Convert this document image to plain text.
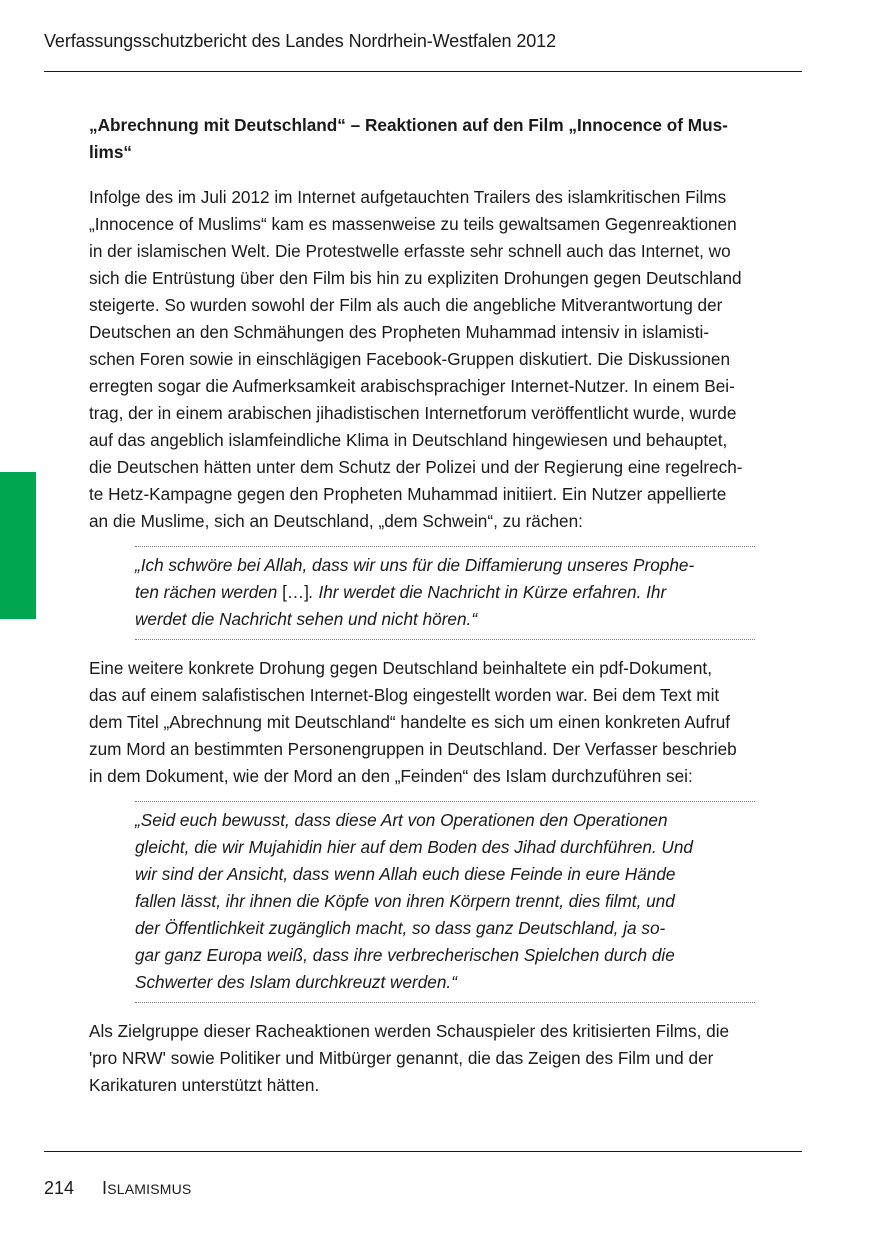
Verfassungsschutzbericht des Landes Nordrhein-Westfalen 2012
„Abrechnung mit Deutschland“ – Reaktionen auf den Film „Innocence of Mus-
lims“
Infolge des im Juli 2012 im Internet aufgetauchten Trailers des islamkritischen Films
„Innocence of Muslims“ kam es massenweise zu teils gewaltsamen Gegenreaktionen
in der islamischen Welt. Die Protestwelle erfasste sehr schnell auch das Internet, wo
sich die Entrüstung über den Film bis hin zu expliziten Drohungen gegen Deutschland
steigerte. So wurden sowohl der Film als auch die angebliche Mitverantwortung der
Deutschen an den Schmähungen des Propheten Muhammad intensiv in islamisti-
schen Foren sowie in einschlägigen Facebook-Gruppen diskutiert. Die Diskussionen
erregten sogar die Aufmerksamkeit arabischsprachiger Internet-Nutzer. In einem Bei-
trag, der in einem arabischen jihadistischen Internetforum veröffentlicht wurde, wurde
auf das angeblich islamfeindliche Klima in Deutschland hingewiesen und behauptet,
die Deutschen hätten unter dem Schutz der Polizei und der Regierung eine regelrech-
te Hetz-Kampagne gegen den Propheten Muhammad initiiert. Ein Nutzer appellierte
an die Muslime, sich an Deutschland, „dem Schwein“, zu rächen:
„Ich schwöre bei Allah, dass wir uns für die Diffamierung unseres Prophe-
ten rächen werden […]. Ihr werdet die Nachricht in Kürze erfahren. Ihr
werdet die Nachricht sehen und nicht hören.“
Eine weitere konkrete Drohung gegen Deutschland beinhaltete ein pdf-Dokument,
das auf einem salafistischen Internet-Blog eingestellt worden war. Bei dem Text mit
dem Titel „Abrechnung mit Deutschland“ handelte es sich um einen konkreten Aufruf
zum Mord an bestimmten Personengruppen in Deutschland. Der Verfasser beschrieb
in dem Dokument, wie der Mord an den „Feinden“ des Islam durchzuführen sei:
„Seid euch bewusst, dass diese Art von Operationen den Operationen
gleicht, die wir Mujahidin hier auf dem Boden des Jihad durchführen. Und
wir sind der Ansicht, dass wenn Allah euch diese Feinde in eure Hände
fallen lässt, ihr ihnen die Köpfe von ihren Körpern trennt, dies filmt, und
der Öffentlichkeit zugänglich macht, so dass ganz Deutschland, ja so-
gar ganz Europa weiß, dass ihre verbrecherischen Spielchen durch die
Schwerter des Islam durchkreuzt werden.“
Als Zielgruppe dieser Racheaktionen werden Schauspieler des kritisierten Films, die
'pro NRW' sowie Politiker und Mitbürger genannt, die das Zeigen des Film und der
Karikaturen unterstützt hätten.
214 ISLAMISMUS
